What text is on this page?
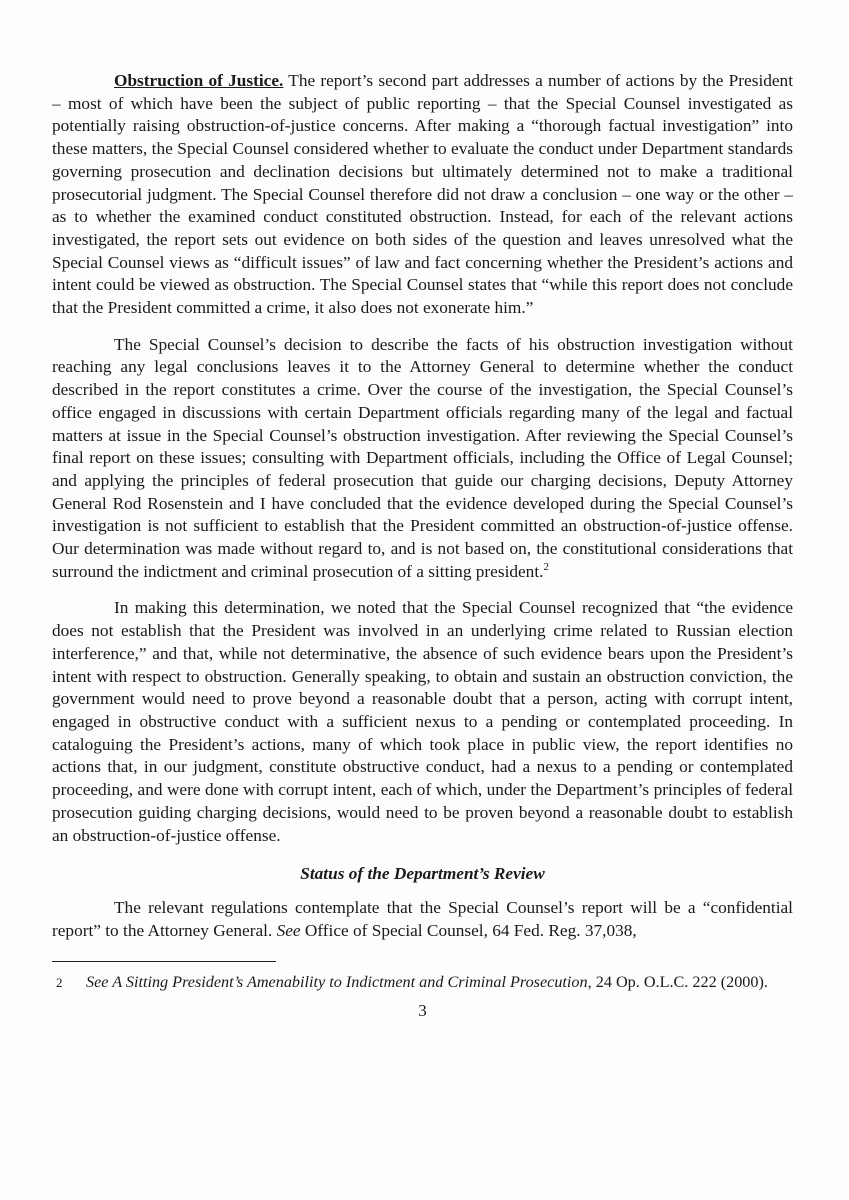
Obstruction of Justice. The report’s second part addresses a number of actions by the President – most of which have been the subject of public reporting – that the Special Counsel investigated as potentially raising obstruction-of-justice concerns. After making a “thorough factual investigation” into these matters, the Special Counsel considered whether to evaluate the conduct under Department standards governing prosecution and declination decisions but ultimately determined not to make a traditional prosecutorial judgment. The Special Counsel therefore did not draw a conclusion – one way or the other – as to whether the examined conduct constituted obstruction. Instead, for each of the relevant actions investigated, the report sets out evidence on both sides of the question and leaves unresolved what the Special Counsel views as “difficult issues” of law and fact concerning whether the President’s actions and intent could be viewed as obstruction. The Special Counsel states that “while this report does not conclude that the President committed a crime, it also does not exonerate him.”

The Special Counsel’s decision to describe the facts of his obstruction investigation without reaching any legal conclusions leaves it to the Attorney General to determine whether the conduct described in the report constitutes a crime. Over the course of the investigation, the Special Counsel’s office engaged in discussions with certain Department officials regarding many of the legal and factual matters at issue in the Special Counsel’s obstruction investigation. After reviewing the Special Counsel’s final report on these issues; consulting with Department officials, including the Office of Legal Counsel; and applying the principles of federal prosecution that guide our charging decisions, Deputy Attorney General Rod Rosenstein and I have concluded that the evidence developed during the Special Counsel’s investigation is not sufficient to establish that the President committed an obstruction-of-justice offense. Our determination was made without regard to, and is not based on, the constitutional considerations that surround the indictment and criminal prosecution of a sitting president.$^2$

In making this determination, we noted that the Special Counsel recognized that “the evidence does not establish that the President was involved in an underlying crime related to Russian election interference,” and that, while not determinative, the absence of such evidence bears upon the President’s intent with respect to obstruction. Generally speaking, to obtain and sustain an obstruction conviction, the government would need to prove beyond a reasonable doubt that a person, acting with corrupt intent, engaged in obstructive conduct with a sufficient nexus to a pending or contemplated proceeding. In cataloguing the President’s actions, many of which took place in public view, the report identifies no actions that, in our judgment, constitute obstructive conduct, had a nexus to a pending or contemplated proceeding, and were done with corrupt intent, each of which, under the Department’s principles of federal prosecution guiding charging decisions, would need to be proven beyond a reasonable doubt to establish an obstruction-of-justice offense.

Status of the Department’s Review

The relevant regulations contemplate that the Special Counsel’s report will be a “confidential report” to the Attorney General. See Office of Special Counsel, 64 Fed. Reg. 37,038,

2 See A Sitting President’s Amenability to Indictment and Criminal Prosecution, 24 Op. O.L.C. 222 (2000).

3
